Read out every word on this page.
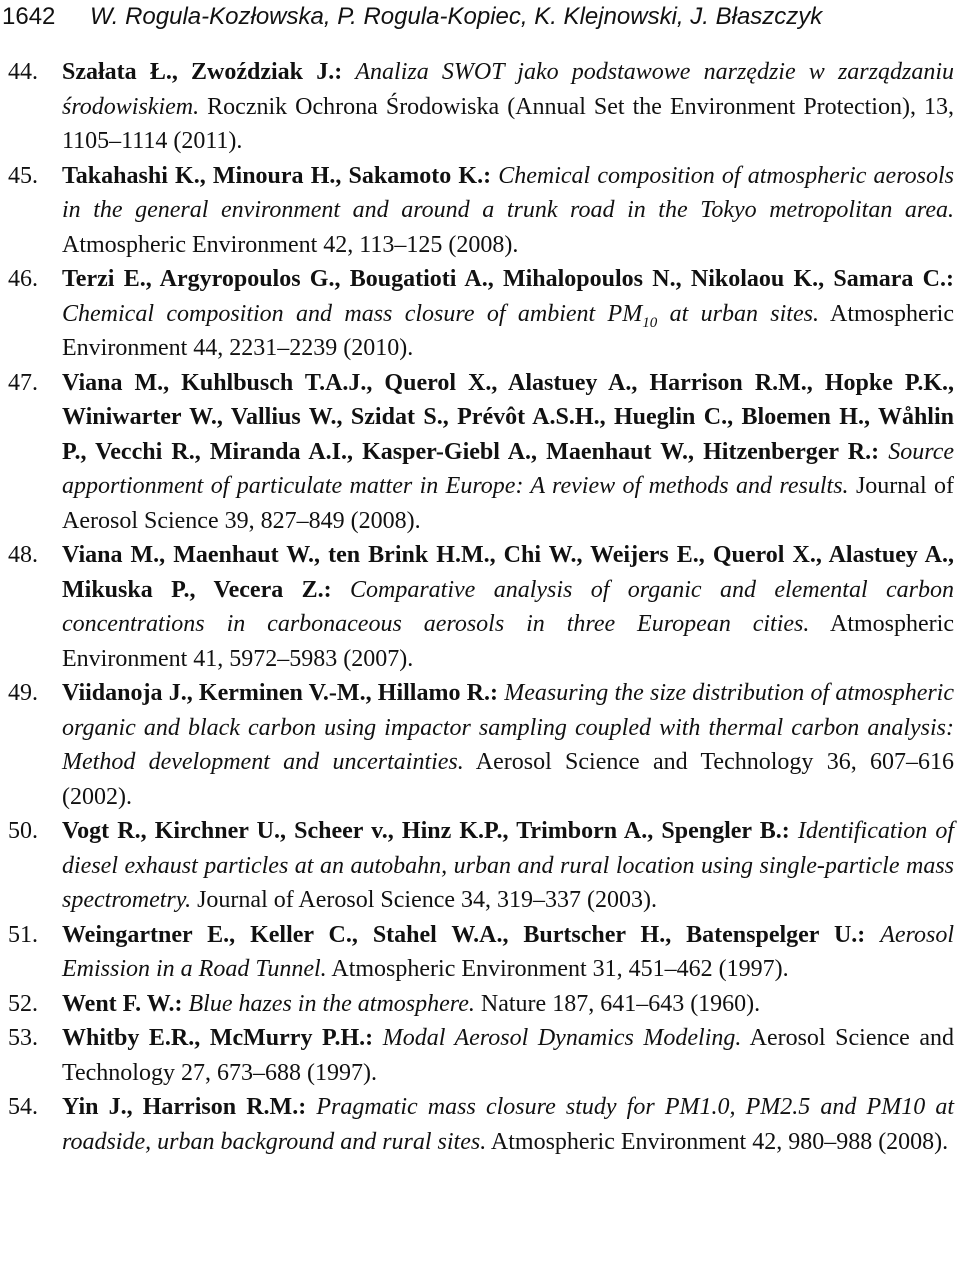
1642 W. Rogula-Kozłowska, P. Rogula-Kopiec, K. Klejnowski, J. Błaszczyk
44. Szałata Ł., Zwoździak J.: Analiza SWOT jako podstawowe narzędzie w zarządzaniu środowiskiem. Rocznik Ochrona Środowiska (Annual Set the Environment Protection), 13, 1105–1114 (2011).
45. Takahashi K., Minoura H., Sakamoto K.: Chemical composition of atmospheric aerosols in the general environment and around a trunk road in the Tokyo metropolitan area. Atmospheric Environment 42, 113–125 (2008).
46. Terzi E., Argyropoulos G., Bougatioti A., Mihalopoulos N., Nikolaou K., Samara C.: Chemical composition and mass closure of ambient $PM_{10}$ at urban sites. Atmospheric Environment 44, 2231–2239 (2010).
47. Viana M., Kuhlbusch T.A.J., Querol X., Alastuey A., Harrison R.M., Hopke P.K., Winiwarter W., Vallius W., Szidat S., Prévôt A.S.H., Hueglin C., Bloemen H., Wåhlin P., Vecchi R., Miranda A.I., Kasper-Giebl A., Maenhaut W., Hitzenberger R.: Source apportionment of particulate matter in Europe: A review of methods and results. Journal of Aerosol Science 39, 827–849 (2008).
48. Viana M., Maenhaut W., ten Brink H.M., Chi W., Weijers E., Querol X., Alastuey A., Mikuska P., Vecera Z.: Comparative analysis of organic and elemental carbon concentrations in carbonaceous aerosols in three European cities. Atmospheric Environment 41, 5972–5983 (2007).
49. Viidanoja J., Kerminen V.-M., Hillamo R.: Measuring the size distribution of atmospheric organic and black carbon using impactor sampling coupled with thermal carbon analysis: Method development and uncertainties. Aerosol Science and Technology 36, 607–616 (2002).
50. Vogt R., Kirchner U., Scheer v., Hinz K.P., Trimborn A., Spengler B.: Identification of diesel exhaust particles at an autobahn, urban and rural location using single-particle mass spectrometry. Journal of Aerosol Science 34, 319–337 (2003).
51. Weingartner E., Keller C., Stahel W.A., Burtscher H., Batenspelger U.: Aerosol Emission in a Road Tunnel. Atmospheric Environment 31, 451–462 (1997).
52. Went F. W.: Blue hazes in the atmosphere. Nature 187, 641–643 (1960).
53. Whitby E.R., McMurry P.H.: Modal Aerosol Dynamics Modeling. Aerosol Science and Technology 27, 673–688 (1997).
54. Yin J., Harrison R.M.: Pragmatic mass closure study for PM1.0, PM2.5 and PM10 at roadside, urban background and rural sites. Atmospheric Environment 42, 980–988 (2008).
